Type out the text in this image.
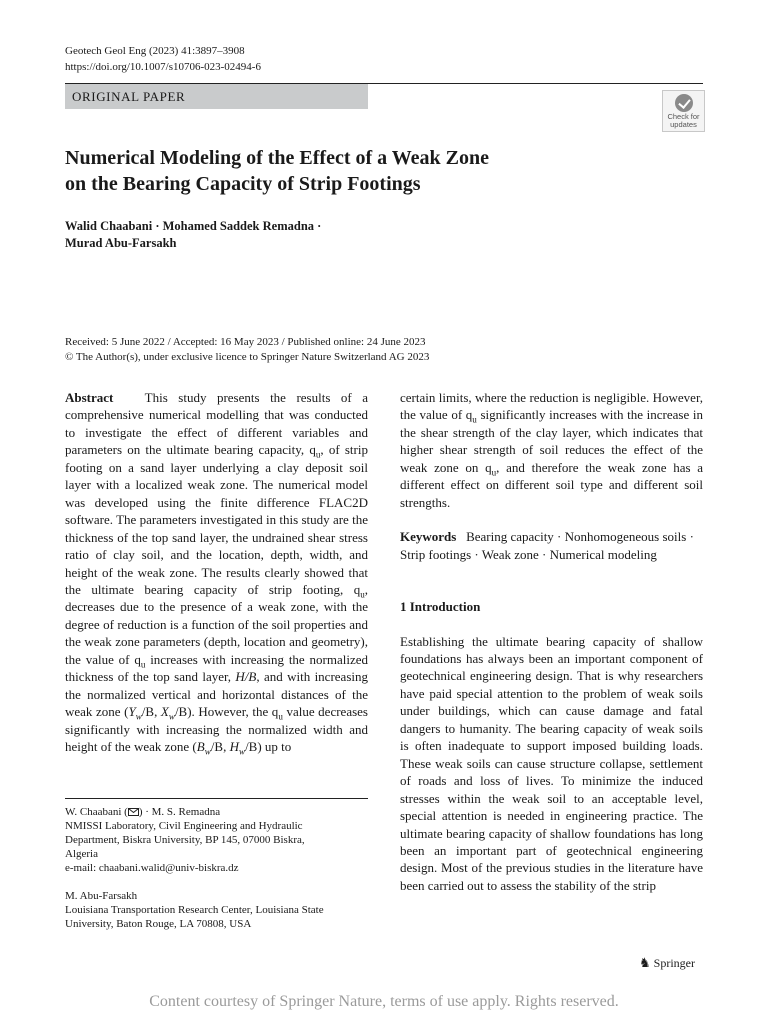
Geotech Geol Eng (2023) 41:3897–3908
https://doi.org/10.1007/s10706-023-02494-6
ORIGINAL PAPER
Check for
updates
Numerical Modeling of the Effect of a Weak Zone
on the Bearing Capacity of Strip Footings
Walid Chaabani · Mohamed Saddek Remadna ·
Murad Abu-Farsakh
Received: 5 June 2022 / Accepted: 16 May 2023 / Published online: 24 June 2023
© The Author(s), under exclusive licence to Springer Nature Switzerland AG 2023

Abstract This study presents the results of a comprehensive numerical modelling that was conducted to investigate the effect of different variables and parameters on the ultimate bearing capacity, $q_u$, of strip footing on a sand layer underlying a clay deposit soil layer with a localized weak zone. The numerical model was developed using the finite difference FLAC2D software. The parameters investigated in this study are the thickness of the top sand layer, the undrained shear stress ratio of clay soil, and the location, depth, width, and height of the weak zone. The results clearly showed that the ultimate bearing capacity of strip footing, $q_u$, decreases due to the presence of a weak zone, with the degree of reduction is a function of the soil properties and the weak zone parameters (depth, location and geometry), the value of $q_u$ increases with increasing the normalized thickness of the top sand layer, H/B, and with increasing the normalized vertical and horizontal distances of the weak zone ($Y_w/B$, $X_w/B$). However, the $q_u$ value decreases significantly with increasing the normalized width and height of the weak zone ($B_w/B$, $H_w/B$) up to

certain limits, where the reduction is negligible. However, the value of $q_u$ significantly increases with the increase in the shear strength of the clay layer, which indicates that higher shear strength of soil reduces the effect of the weak zone on $q_u$, and therefore the weak zone has a different effect on different soil type and different soil strengths.

Keywords Bearing capacity · Nonhomogeneous soils · Strip footings · Weak zone · Numerical modeling

1 Introduction

Establishing the ultimate bearing capacity of shallow foundations has always been an important component of geotechnical engineering design. That is why researchers have paid special attention to the problem of weak soils under buildings, which can cause damage and fatal dangers to humanity. The bearing capacity of weak soils is often inadequate to support imposed building loads. These weak soils can cause structure collapse, settlement of roads and loss of lives. To minimize the induced stresses within the weak soil to an acceptable level, special attention is needed in engineering practice. The ultimate bearing capacity of shallow foundations has long been an important part of geotechnical engineering design. Most of the previous studies in the literature have been carried out to assess the stability of the strip

W. Chaabani ( ) · M. S. Remadna

NMISSI Laboratory, Civil Engineering and Hydraulic

Department, Biskra University, BP 145, 07000 Biskra,

Algeria

e-mail: chaabani.walid@univ-biskra.dz

M. Abu-Farsakh

Louisiana Transportation Research Center, Louisiana State

University, Baton Rouge, LA 70808, USA

♞ Springer
Content courtesy of Springer Nature, terms of use apply. Rights reserved.
